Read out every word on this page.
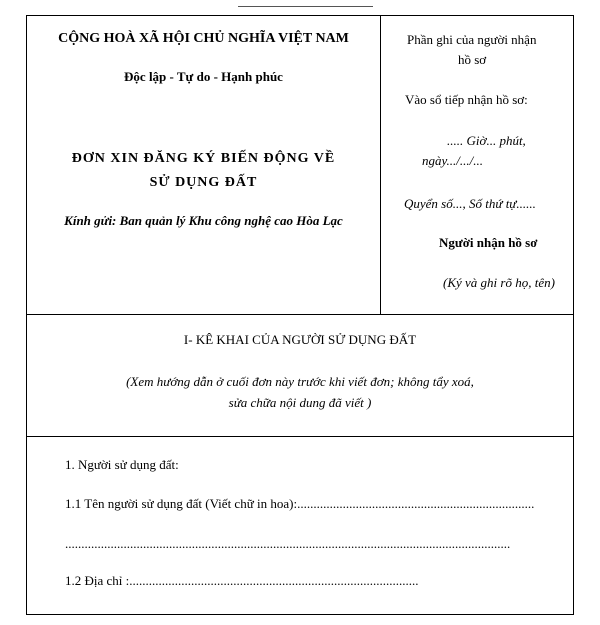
CỘNG HOÀ XÃ HỘI CHỦ NGHĨA VIỆT NAM
Độc lập - Tự do - Hạnh phúc
ĐƠN XIN ĐĂNG KÝ BIẾN ĐỘNG VỀ
SỬ DỤNG ĐẤT
Kính gửi: Ban quản lý Khu công nghệ cao Hòa Lạc
Phần ghi của người nhận
hồ sơ
Vào sổ tiếp nhận hồ sơ:
..... Giờ... phút,
ngày.../.../...
Quyển số..., Số thứ tự......
Người nhận hồ sơ
(Ký và ghi rõ họ, tên)
I- KÊ KHAI CỦA NGƯỜI SỬ DỤNG ĐẤT
(Xem hướng dẫn ở cuối đơn này trước khi viết đơn; không tẩy xoá,
sửa chữa nội dung đã viết )
1. Người sử dụng đất:
1.1 Tên người sử dụng đất (Viết chữ in hoa):.........................................................................
.........................................................................................................................................
1.2 Địa chỉ :.........................................................................................
